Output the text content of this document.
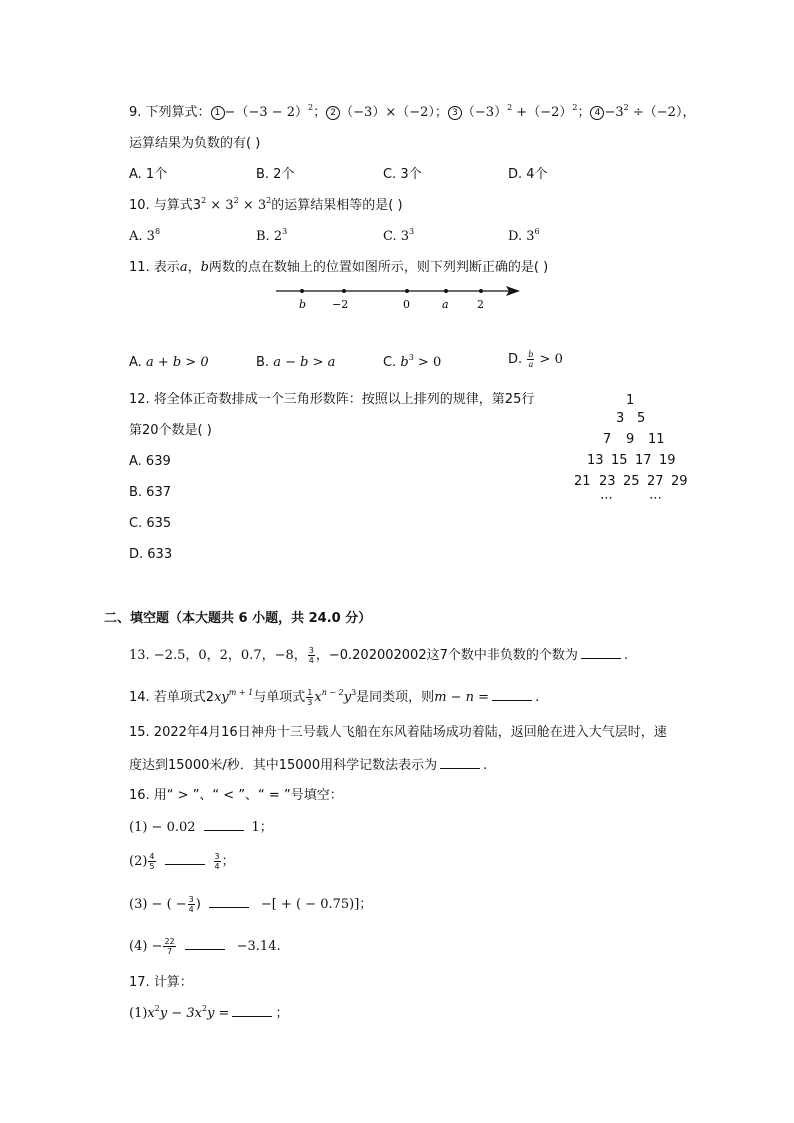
9. 下列算式： $1 -(-3 - 2)^2$； 2 （−3）×（−2）； 3 $(-3)^2 +(-2)^2$； $4 -3^2 \div(-2)$，
运算结果为负数的有( )
A. 1个	B. 2个	C. 3个	D. 4个
10. 与算式$3^2 \times 3^2 \times 3^2$的运算结果相等的是( )
A. $3^8$	B. $2^3$	C. $3^3$	D. $3^6$
11. 表示a，b两数的点在数轴上的位置如图所示，则下列判断正确的是( )
b −2	0	a	2
A. a + b > 0	B. a − b > a	C. $b^3 > 0$	D. $\frac{b}{a} > 0$
12. 将全体正奇数排成一个三角形数阵：按照以上排列的规律，第25行
第20个数是( )
A. 639
B. 637
C. 635
D. 633
1
3 5
7 9 11
13 15 17 19
21 23 25 27 29
⋯	⋯
二、填空题（本大题共 6 小题，共 24.0 分）
13. −2.5，0，2，0.7，−8， $\frac{3}{4}$ ，−0.202002002这7个数中非负数的个数为	.
14. 若单项式$2xy^{m + 1}$与单项式 $\frac{1}{3} x^{n - 2}y^3$是同类项，则m − n =	.
15. 2022年4月16日神舟十三号载人飞船在东风着陆场成功着陆，返回舱在进入大气层时，速
度达到15000米/秒．其中15000用科学记数法表示为	.
16. 用“ > ”、“ < ”、“ = ”号填空：
(1) − 0.02	1；
$(2) \frac{4}{5}$	$\frac{3}{4}$ ；
(3) − ( − $\frac{3}{4}$ )	−[ + ( − 0.75)]；
$(4) - \frac{22}{7}$	−3.14.
17. 计算：
$(1)x^2y - 3x^2y$ =	；
